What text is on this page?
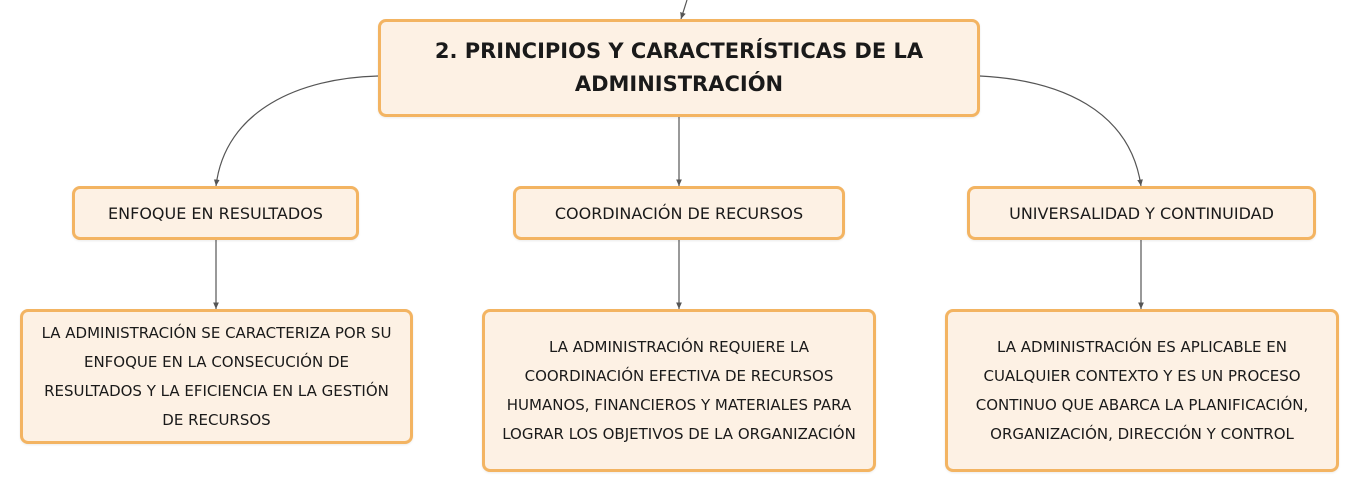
2. PRINCIPIOS Y CARACTERÍSTICAS DE LA
ADMINISTRACIÓN
ENFOQUE EN RESULTADOS	COORDINACIÓN DE RECURSOS	UNIVERSALIDAD Y CONTINUIDAD
LA ADMINISTRACIÓN SE CARACTERIZA POR SU ENFOQUE EN LA CONSECUCIÓN DE RESULTADOS Y LA EFICIENCIA EN LA GESTIÓN DE RECURSOS
LA ADMINISTRACIÓN REQUIERE LA COORDINACIÓN EFECTIVA DE RECURSOS HUMANOS, FINANCIEROS Y MATERIALES PARA LOGRAR LOS OBJETIVOS DE LA ORGANIZACIÓN
LA ADMINISTRACIÓN ES APLICABLE EN CUALQUIER CONTEXTO Y ES UN PROCESO CONTINUO QUE ABARCA LA PLANIFICACIÓN, ORGANIZACIÓN, DIRECCIÓN Y CONTROL
